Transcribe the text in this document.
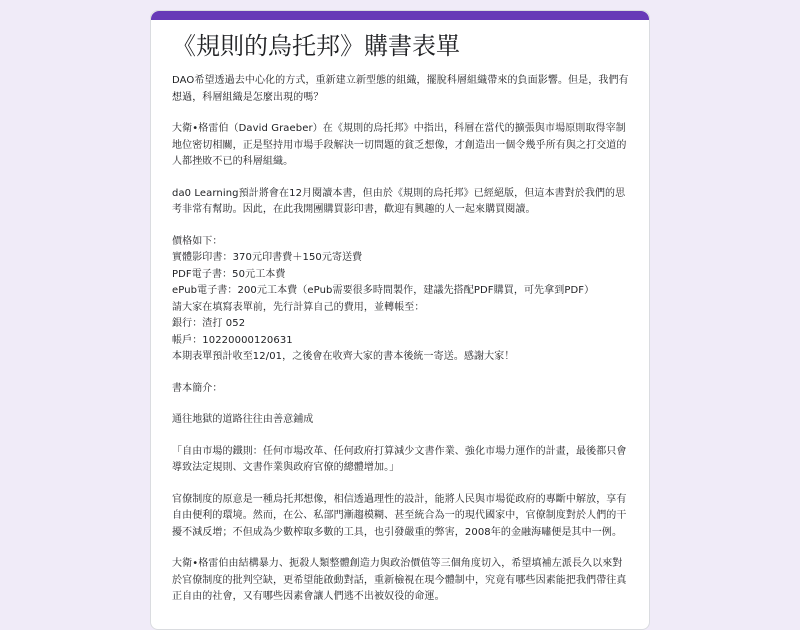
《規則的烏托邦》購書表單

DAO希望透過去中心化的方式，重新建立新型態的組織，擺脫科層組織帶來的負面影響。但是，我們有想過，科層組織是怎麼出現的嗎？

大衛•格雷伯（David Graeber）在《規則的烏托邦》中指出，科層在當代的擴張與市場原則取得宰制地位密切相關，正是堅持用市場手段解決一切問題的貧乏想像，才創造出一個令幾乎所有與之打交道的人都挫敗不已的科層組織。

da0 Learning預計將會在12月閱讀本書，但由於《規則的烏托邦》已經絕版，但這本書對於我們的思考非常有幫助。因此，在此我開團購買影印書，歡迎有興趣的人一起來購買閱讀。

價格如下：

實體影印書：370元印書費＋150元寄送費

PDF電子書：50元工本費

ePub電子書：200元工本費（ePub需要很多時間製作，建議先搭配PDF購買，可先拿到PDF）

請大家在填寫表單前，先行計算自己的費用，並轉帳至：

銀行：渣打 052

帳戶：10220000120631

本期表單預計收至12/01，之後會在收齊大家的書本後統一寄送。感謝大家！

書本簡介：

通往地獄的道路往往由善意鋪成

「自由市場的鐵則：任何市場改革、任何政府打算減少文書作業、強化市場力運作的計畫，最後都只會導致法定規則、文書作業與政府官僚的總體增加。」

官僚制度的原意是一種烏托邦想像，相信透過理性的設計，能將人民與市場從政府的專斷中解放，享有自由便利的環境。然而，在公、私部門漸趨模糊、甚至統合為一的現代國家中，官僚制度對於人們的干擾不減反增；不但成為少數榨取多數的工具，也引發嚴重的弊害，2008年的金融海嘯便是其中一例。

大衛•格雷伯由結構暴力、扼殺人類整體創造力與政治價值等三個角度切入，希望填補左派長久以來對於官僚制度的批判空缺，更希望能啟動對話，重新檢視在現今體制中，究竟有哪些因素能把我們帶往真正自由的社會，又有哪些因素會讓人們逃不出被奴役的命運。
